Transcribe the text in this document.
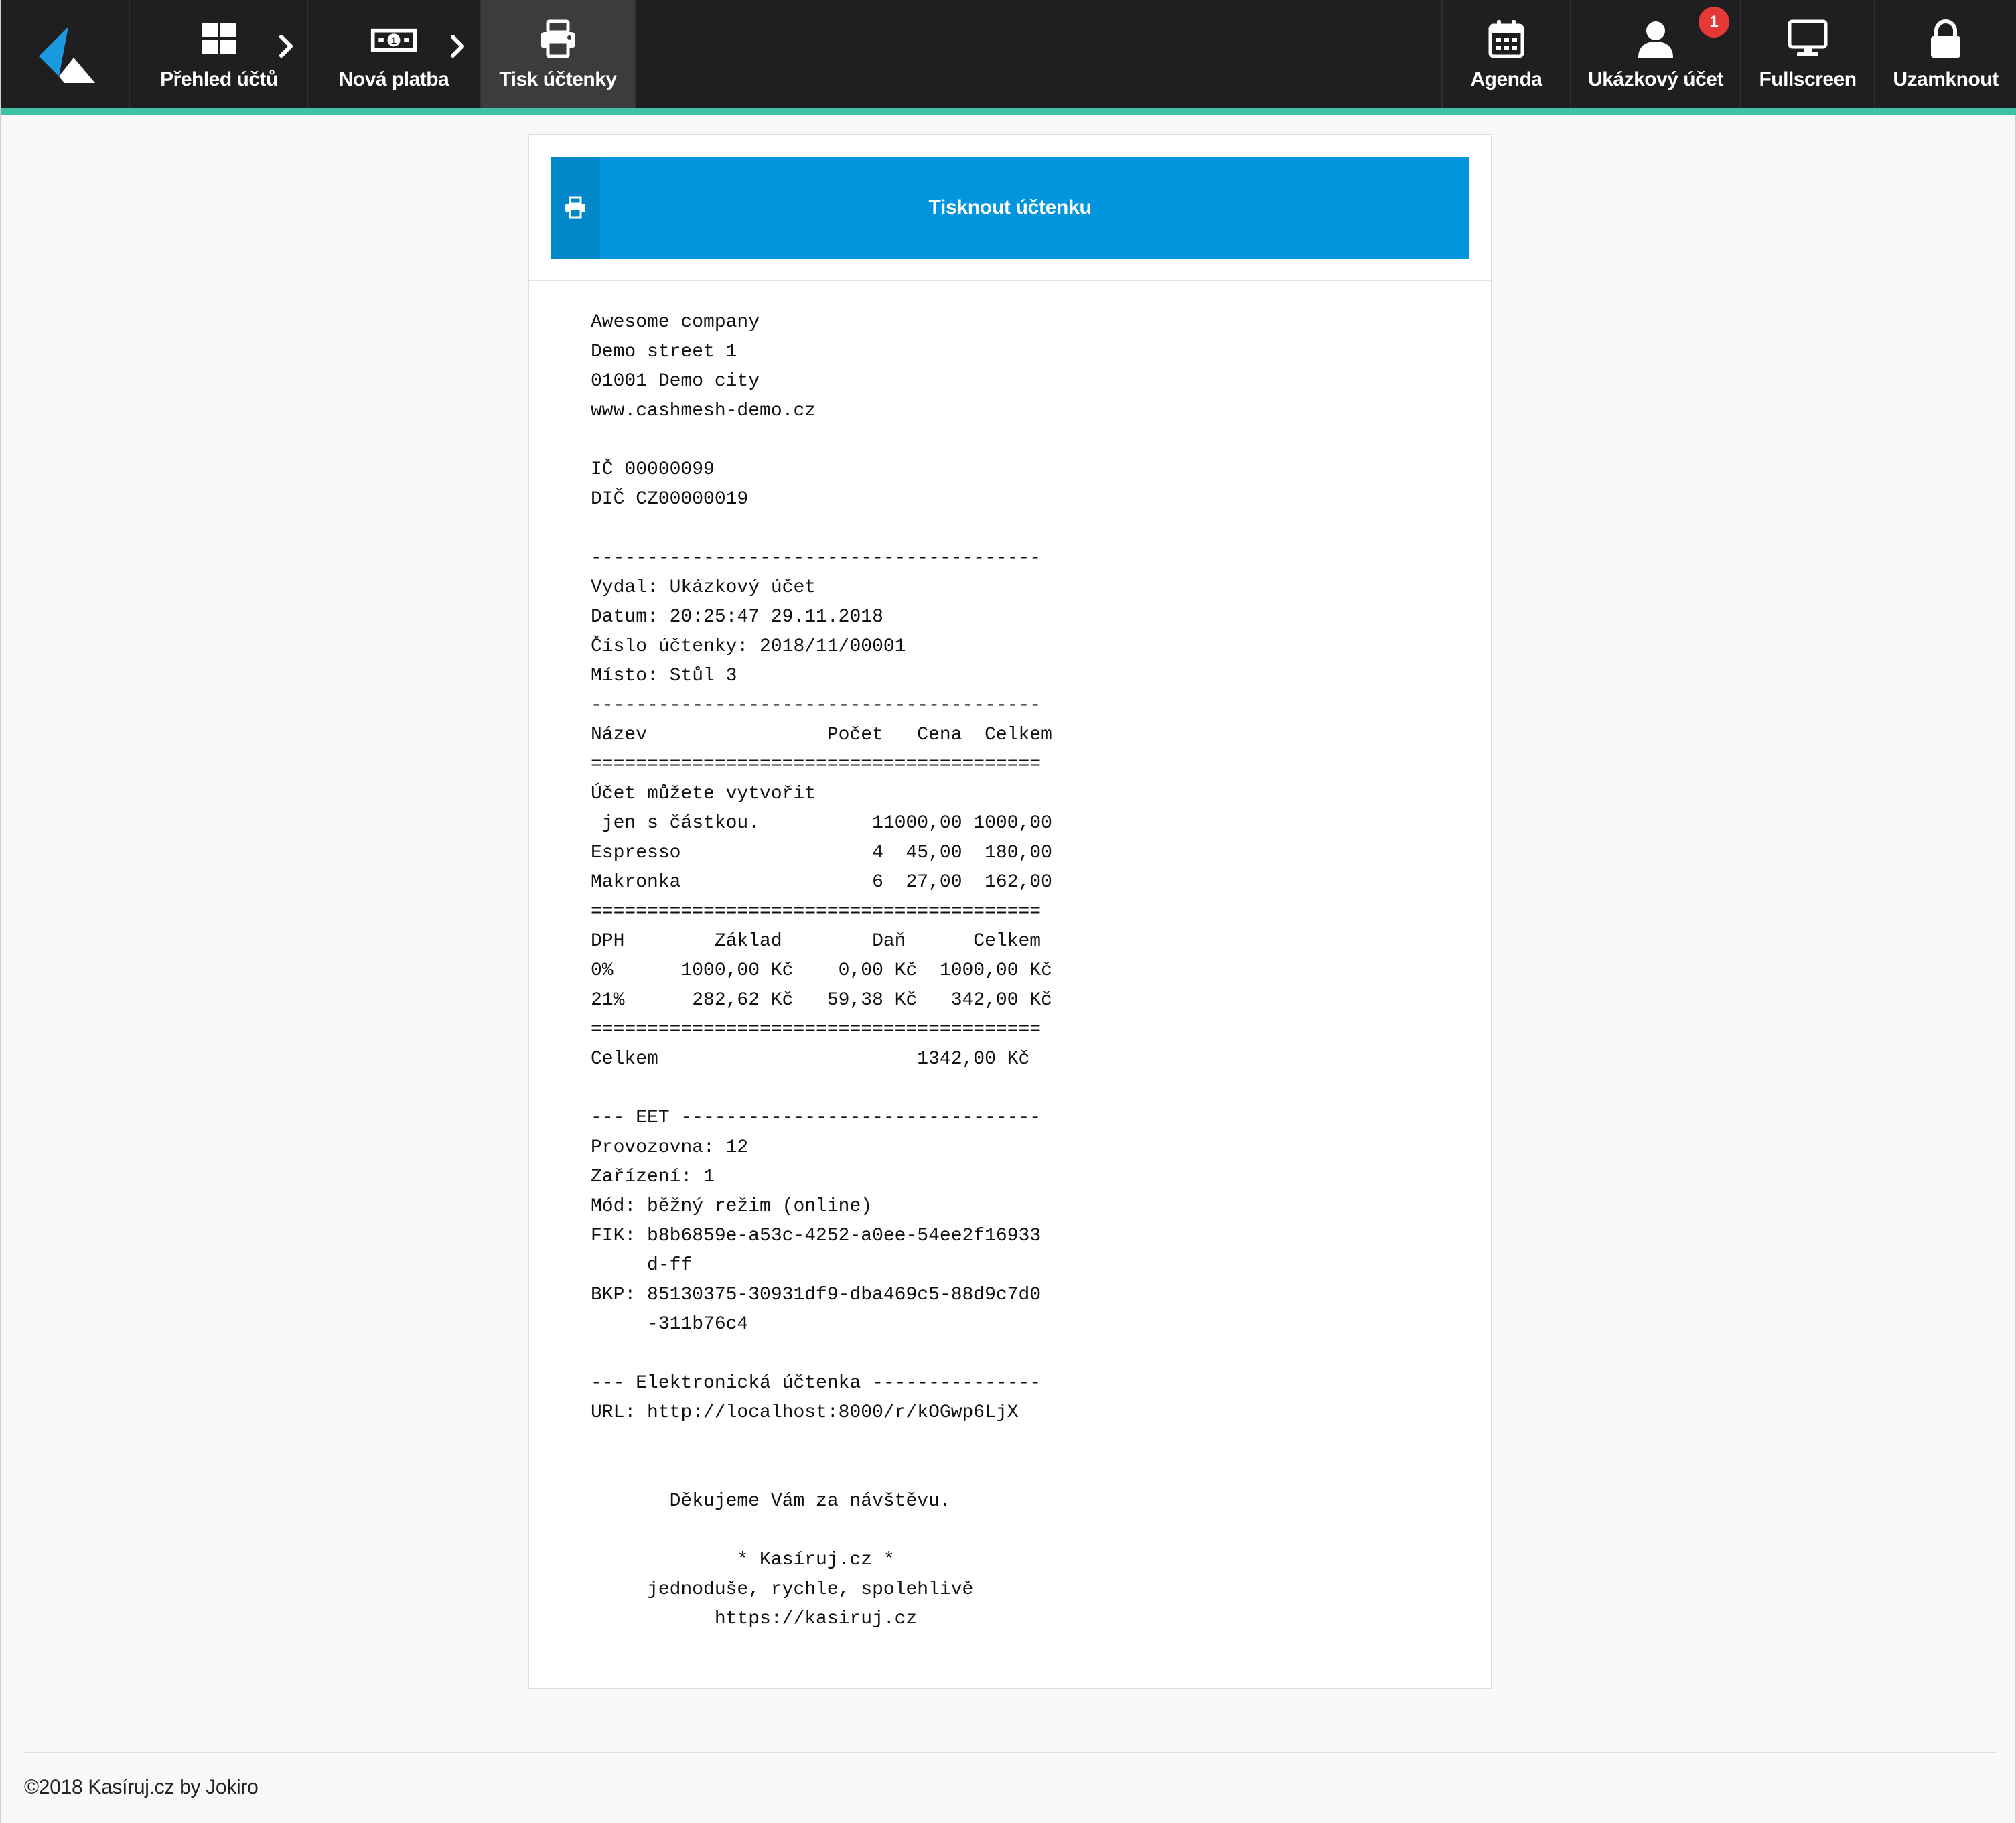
Přehled účtů
1
Nová platba	Tisk účtenky	Agenda Ukázkový účet
1
Fullscreen Uzamknout
Tisknout účtenku
Awesome company
Demo street 1
01001 Demo city
www.cashmesh-demo.cz
IČ 00000099
DIČ CZ00000019
----------------------------------------
Vydal: Ukázkový účet
Datum: 20:25:47 29.11.2018
Číslo účtenky: 2018/11/00001
Místo: Stůl 3
----------------------------------------
Název                Počet   Cena  Celkem
========================================
Účet můžete vytvořit
jen s částkou.          11000,00 1000,00
Espresso                 4  45,00  180,00
Makronka                 6  27,00  162,00
========================================
DPH        Základ        Daň      Celkem
0%      1000,00 Kč    0,00 Kč  1000,00 Kč
21%      282,62 Kč   59,38 Kč   342,00 Kč
========================================
Celkem                       1342,00 Kč
--- EET --------------------------------
Provozovna: 12
Zařízení: 1
Mód: běžný režim (online)
FIK: b8b6859e-a53c-4252-a0ee-54ee2f16933
d-ff
BKP: 85130375-30931df9-dba469c5-88d9c7d0
-311b76c4
--- Elektronická účtenka ---------------
URL: http://localhost:8000/r/kOGwp6LjX
Děkujeme Vám za návštěvu.
* Kasíruj.cz *
jednoduše, rychle, spolehlivě
https://kasiruj.cz
©2018 Kasíruj.cz by Jokiro
